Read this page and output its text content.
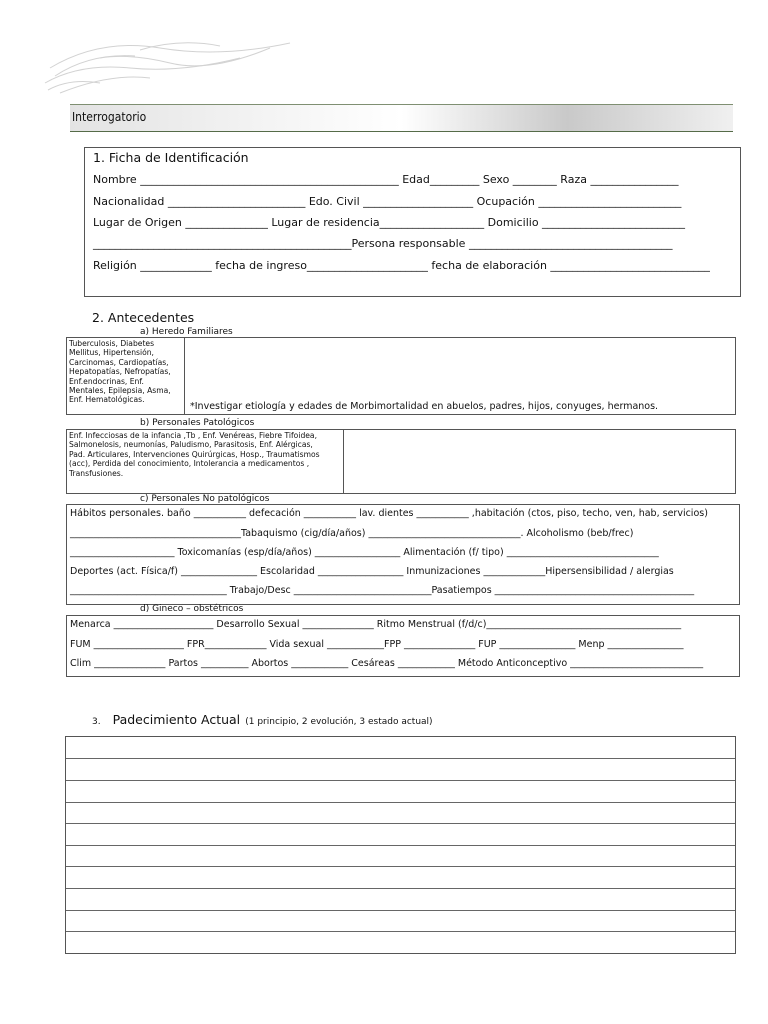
Interrogatorio
1. Ficha de Identificación
Nombre _______________________________________________ Edad_________ Sexo ________ Raza ________________
Nacionalidad _________________________ Edo. Civil ____________________ Ocupación __________________________
Lugar de Origen _______________ Lugar de residencia___________________ Domicilio __________________________
_______________________________________________Persona responsable _____________________________________
Religión _____________ fecha de ingreso______________________ fecha de elaboración _____________________________
2. Antecedentes
a) Heredo Familiares
Tuberculosis, Diabetes
Mellitus, Hipertensión,
Carcinomas, Cardiopatías,
Hepatopatías, Nefropatías,
Enf.endocrinas, Enf.
Mentales, Epilepsia, Asma,
Enf. Hematológicas.
*Investigar etiología y edades de Morbimortalidad en abuelos, padres, hijos, conyuges, hermanos.
b) Personales Patológicos
Enf. Infecciosas de la infancia ,Tb , Enf. Venéreas, Fiebre Tifoidea,
Salmonelosis, neumonías, Paludismo, Parasitosis, Enf. Alérgicas,
Pad. Articulares, Intervenciones Quirúrgicas, Hosp., Traumatismos
(acc), Perdida del conocimiento, Intolerancia a medicamentos ,
Transfusiones.
c) Personales No patológicos
Hábitos personales. baño ___________ defecación ___________ lav. dientes ___________ ,habitación (ctos, piso, techo, ven, hab, servicios)
____________________________________Tabaquismo (cig/día/años) ________________________________. Alcoholismo (beb/frec)
______________________ Toxicomanías (esp/día/años) __________________ Alimentación (f/ tipo) ________________________________
Deportes (act. Física/f) ________________ Escolaridad __________________ Inmunizaciones _____________Hipersensibilidad / alergias
_________________________________ Trabajo/Desc _____________________________Pasatiempos __________________________________________
d) Gineco – obstétricos
Menarca _____________________ Desarrollo Sexual _______________ Ritmo Menstrual (f/d/c)_________________________________________
FUM ___________________ FPR_____________ Vida sexual ____________FPP _______________ FUP ________________ Menp ________________
Clim _______________ Partos __________ Abortos ____________ Cesáreas ____________ Método Anticonceptivo ____________________________
3. Padecimiento Actual (1 principio, 2 evolución, 3 estado actual)
